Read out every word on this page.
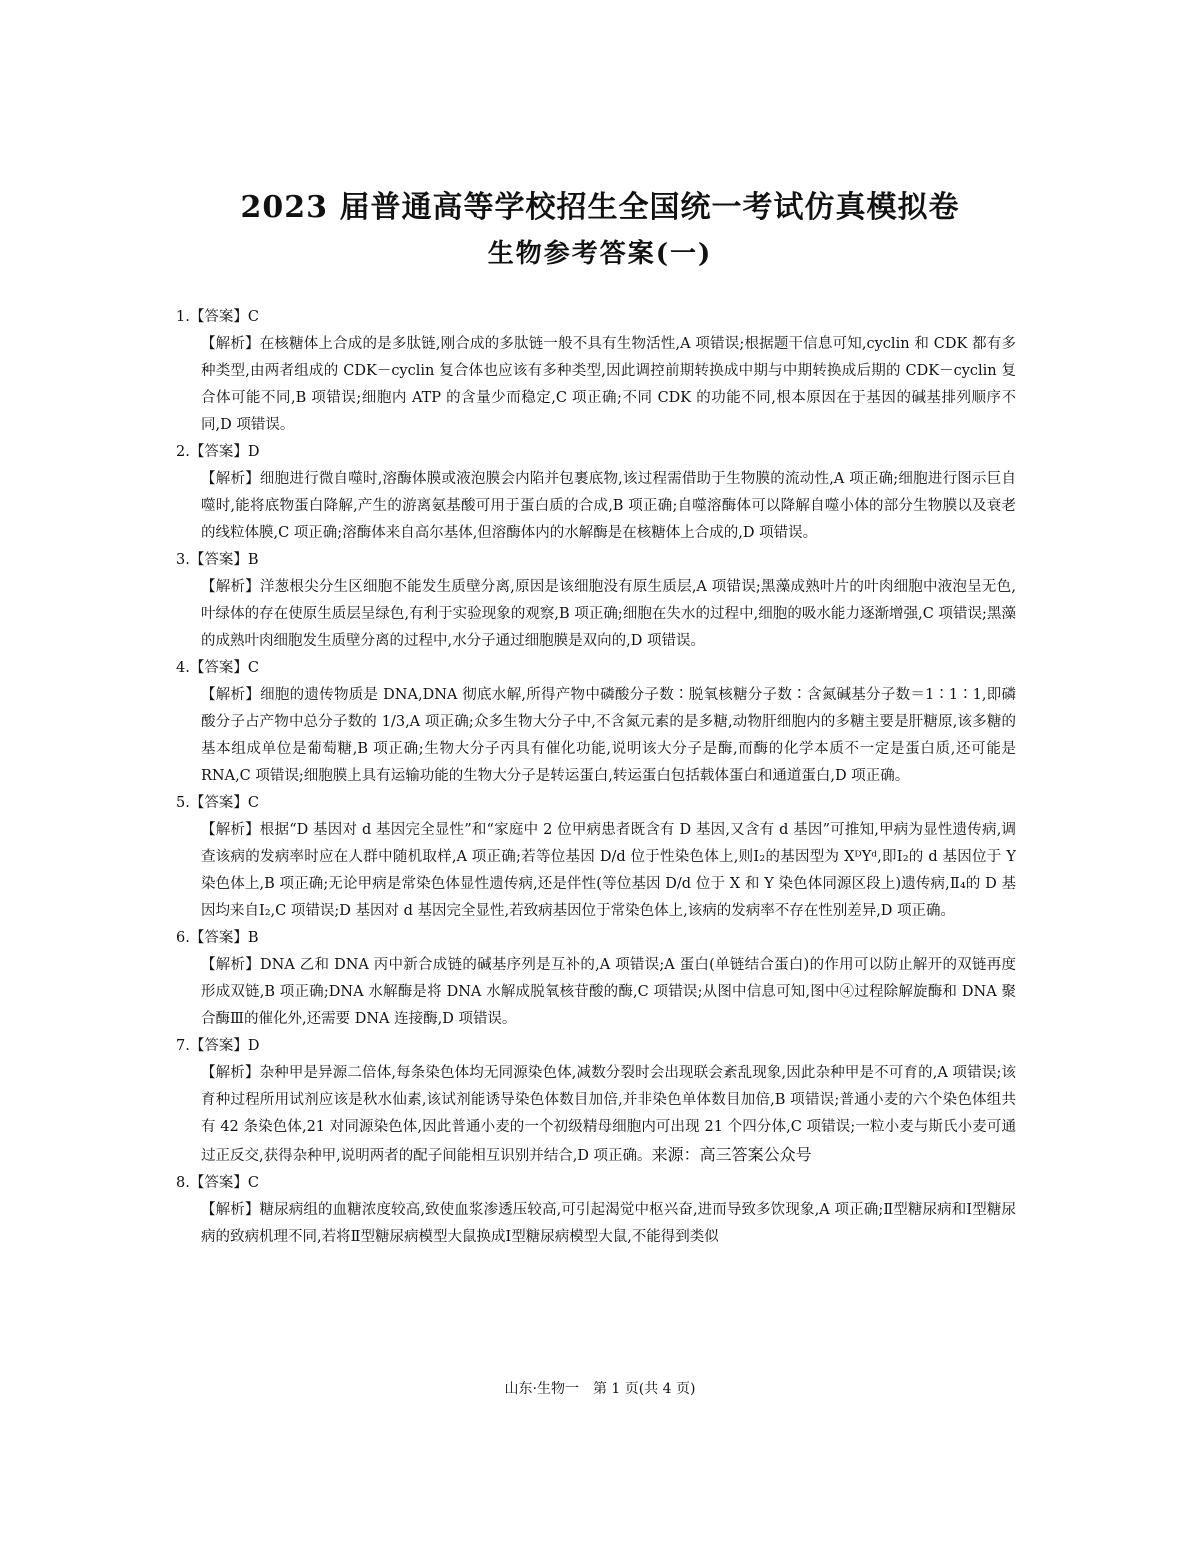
2023 届普通高等学校招生全国统一考试仿真模拟卷
生物参考答案(一)
1.【答案】C
【解析】在核糖体上合成的是多肽链,刚合成的多肽链一般不具有生物活性,A 项错误;根据题干信息可知,cyclin 和 CDK 都有多种类型,由两者组成的 CDK－cyclin 复合体也应该有多种类型,因此调控前期转换成中期与中期转换成后期的 CDK－cyclin 复合体可能不同,B 项错误;细胞内 ATP 的含量少而稳定,C 项正确;不同 CDK 的功能不同,根本原因在于基因的碱基排列顺序不同,D 项错误。
2.【答案】D
【解析】细胞进行微自噬时,溶酶体膜或液泡膜会内陷并包裹底物,该过程需借助于生物膜的流动性,A 项正确;细胞进行图示巨自噬时,能将底物蛋白降解,产生的游离氨基酸可用于蛋白质的合成,B 项正确;自噬溶酶体可以降解自噬小体的部分生物膜以及衰老的线粒体膜,C 项正确;溶酶体来自高尔基体,但溶酶体内的水解酶是在核糖体上合成的,D 项错误。
3.【答案】B
【解析】洋葱根尖分生区细胞不能发生质壁分离,原因是该细胞没有原生质层,A 项错误;黑藻成熟叶片的叶肉细胞中液泡呈无色,叶绿体的存在使原生质层呈绿色,有利于实验现象的观察,B 项正确;细胞在失水的过程中,细胞的吸水能力逐渐增强,C 项错误;黑藻的成熟叶肉细胞发生质壁分离的过程中,水分子通过细胞膜是双向的,D 项错误。
4.【答案】C
【解析】细胞的遗传物质是 DNA,DNA 彻底水解,所得产物中磷酸分子数∶脱氧核糖分子数∶含氮碱基分子数＝1∶1∶1,即磷酸分子占产物中总分子数的 1/3,A 项正确;众多生物大分子中,不含氮元素的是多糖,动物肝细胞内的多糖主要是肝糖原,该多糖的基本组成单位是葡萄糖,B 项正确;生物大分子丙具有催化功能,说明该大分子是酶,而酶的化学本质不一定是蛋白质,还可能是 RNA,C 项错误;细胞膜上具有运输功能的生物大分子是转运蛋白,转运蛋白包括载体蛋白和通道蛋白,D 项正确。
5.【答案】C
【解析】根据“D 基因对 d 基因完全显性”和“家庭中 2 位甲病患者既含有 D 基因,又含有 d 基因”可推知,甲病为显性遗传病,调查该病的发病率时应在人群中随机取样,A 项正确;若等位基因 D/d 位于性染色体上,则Ⅰ₂的基因型为 XᴰYᵈ,即Ⅰ₂的 d 基因位于 Y 染色体上,B 项正确;无论甲病是常染色体显性遗传病,还是伴性(等位基因 D/d 位于 X 和 Y 染色体同源区段上)遗传病,Ⅱ₄的 D 基因均来自Ⅰ₂,C 项错误;D 基因对 d 基因完全显性,若致病基因位于常染色体上,该病的发病率不存在性别差异,D 项正确。
6.【答案】B
【解析】DNA 乙和 DNA 丙中新合成链的碱基序列是互补的,A 项错误;A 蛋白(单链结合蛋白)的作用可以防止解开的双链再度形成双链,B 项正确;DNA 水解酶是将 DNA 水解成脱氧核苷酸的酶,C 项错误;从图中信息可知,图中④过程除解旋酶和 DNA 聚合酶Ⅲ的催化外,还需要 DNA 连接酶,D 项错误。
7.【答案】D
【解析】杂种甲是异源二倍体,每条染色体均无同源染色体,减数分裂时会出现联会紊乱现象,因此杂种甲是不可育的,A 项错误;该育种过程所用试剂应该是秋水仙素,该试剂能诱导染色体数目加倍,并非染色单体数目加倍,B 项错误;普通小麦的六个染色体组共有 42 条染色体,21 对同源染色体,因此普通小麦的一个初级精母细胞内可出现 21 个四分体,C 项错误;一粒小麦与斯氏小麦可通过正反交,获得杂种甲,说明两者的配子间能相互识别并结合,D 项正确。来源：高三答案公众号
8.【答案】C
【解析】糖尿病组的血糖浓度较高,致使血浆渗透压较高,可引起渴觉中枢兴奋,进而导致多饮现象,A 项正确;Ⅱ型糖尿病和Ⅰ型糖尿病的致病机理不同,若将Ⅱ型糖尿病模型大鼠换成Ⅰ型糖尿病模型大鼠,不能得到类似
山东·生物一　第 1 页(共 4 页)
